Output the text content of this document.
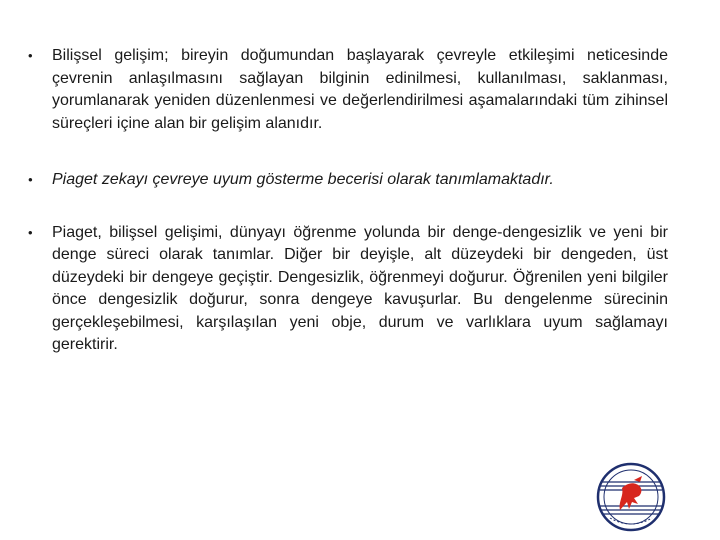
• Bilişsel gelişim; bireyin doğumundan başlayarak çevreyle etkileşimi neticesinde çevrenin anlaşılmasını sağlayan bilginin edinilmesi, kullanılması, saklanması, yorumlanarak yeniden düzenlenmesi ve değerlendirilmesi aşamalarındaki tüm zihinsel süreçleri içine alan bir gelişim alanıdır.
• Piaget zekayı çevreye uyum gösterme becerisi olarak tanımlamaktadır.
• Piaget, bilişsel gelişimi, dünyayı öğrenme yolunda bir denge-dengesizlik ve yeni bir denge süreci olarak tanımlar. Diğer bir deyişle, alt düzeydeki bir dengeden, üst düzeydeki bir dengeye geçiştir. Dengesizlik, öğrenmeyi doğurur. Öğrenilen yeni bilgiler önce dengesizlik doğurur, sonra dengeye kavuşurlar. Bu dengelenme sürecinin gerçekleşebilmesi, karşılaşılan yeni obje, durum ve varlıklara uyum sağlamayı gerektirir.
